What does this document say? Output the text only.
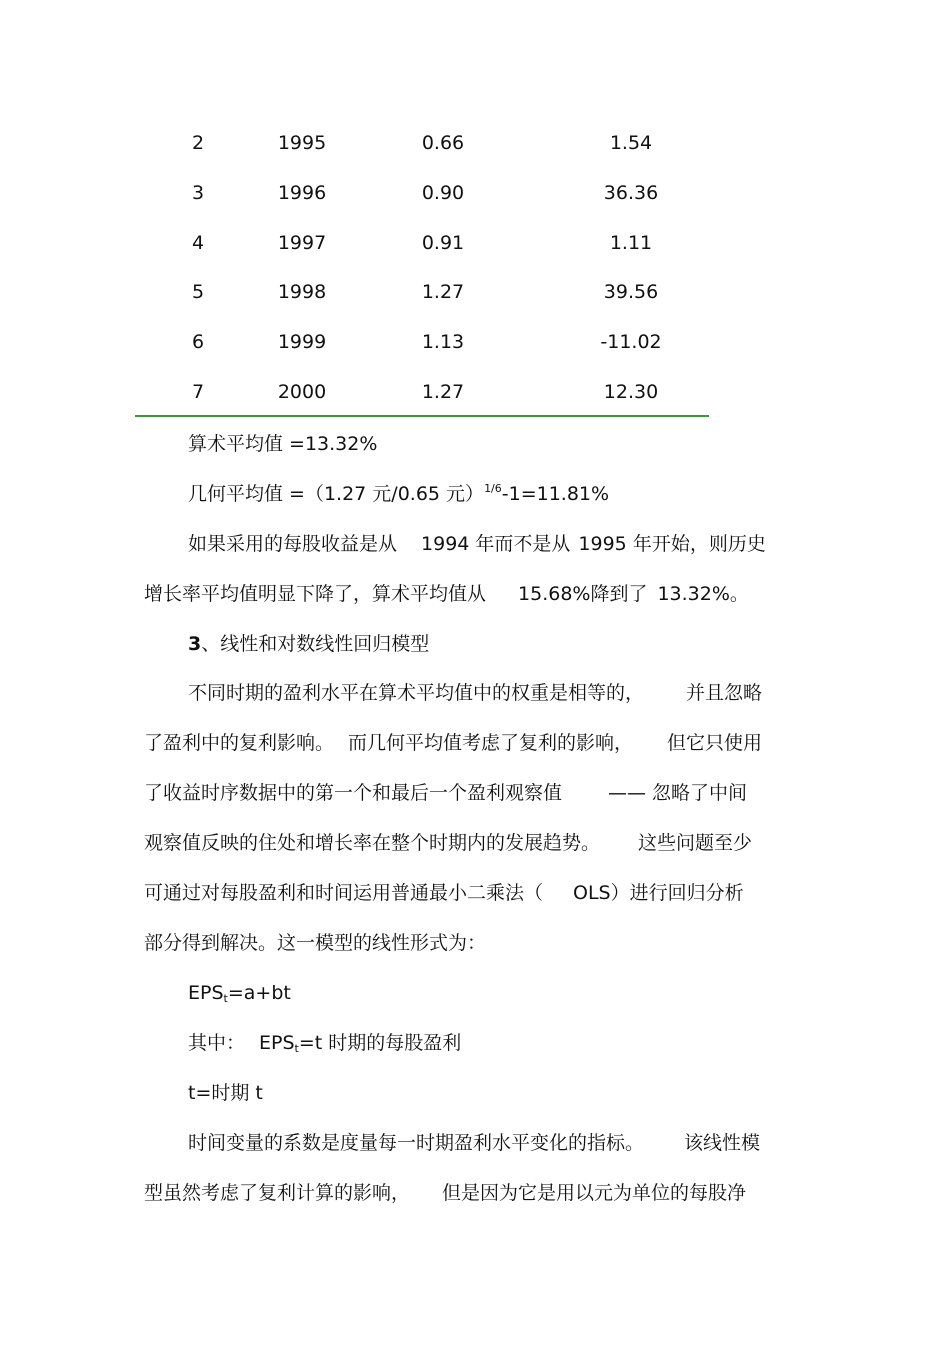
2	1995	0.66	1.54
3	1996	0.90	36.36
4	1997	0.91	1.11
5	1998	1.27	39.56
6	1999	1.13	-11.02
7	2000	1.27	12.30
算术平均值 =13.32%
几何平均值 =（1.27 元/0.65 元）$^{1/6}$-1=11.81%
如果采用的每股收益是从 1994 年而不是从 1995 年开始，则历史
增长率平均值明显下降了，算术平均值从 15.68%降到了 13.32%。
3、线性和对数线性回归模型
不同时期的盈利水平在算术平均值中的权重是相等的， 并且忽略
了盈利中的复利影响。 而几何平均值考虑了复利的影响， 但它只使用
了收益时序数据中的第一个和最后一个盈利观察值 —— 忽略了中间
观察值反映的住处和增长率在整个时期内的发展趋势。 这些问题至少
可通过对每股盈利和时间运用普通最小二乘法（ OLS）进行回归分析
部分得到解决。这一模型的线性形式为：
$EPS_t=a+bt$
其中： $EPS_t=t$ 时期的每股盈利
t=时期 t
时间变量的系数是度量每一时期盈利水平变化的指标。 该线性模
型虽然考虑了复利计算的影响， 但是因为它是用以元为单位的每股净
